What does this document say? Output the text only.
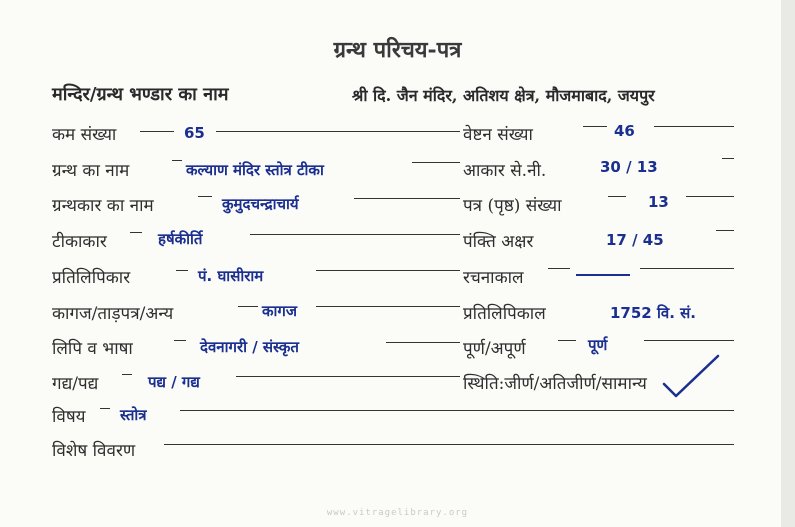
ग्रन्थ परिचय-पत्र
मन्दिर/ग्रन्थ भण्डार का नाम	श्री दि. जैन मंदिर, अतिशय क्षेत्र, मौजमाबाद, जयपुर
कम संख्या	65	वेष्टन संख्या	46
ग्रन्थ का नाम	कल्याण मंदिर स्तोत्र टीका	आकार से.नी.	30 / 13
ग्रन्थकार का नाम	कुमुदचन्द्राचार्य	पत्र (पृष्ठ) संख्या	13
टीकाकार	हर्षकीर्ति	पंक्ति अक्षर	17 / 45
प्रतिलिपिकार	पं. घासीराम	रचनाकाल
कागज/ताड़पत्र/अन्य	कागज	प्रतिलिपिकाल	1752 वि. सं.
लिपि व भाषा	देवनागरी / संस्कृत	पूर्ण/अपूर्ण	पूर्ण
गद्य/पद्य	पद्य / गद्य	स्थिति:जीर्ण/अतिजीर्ण/सामान्य
विषय स्तोत्र
विशेष विवरण
www.vitragelibrary.org
